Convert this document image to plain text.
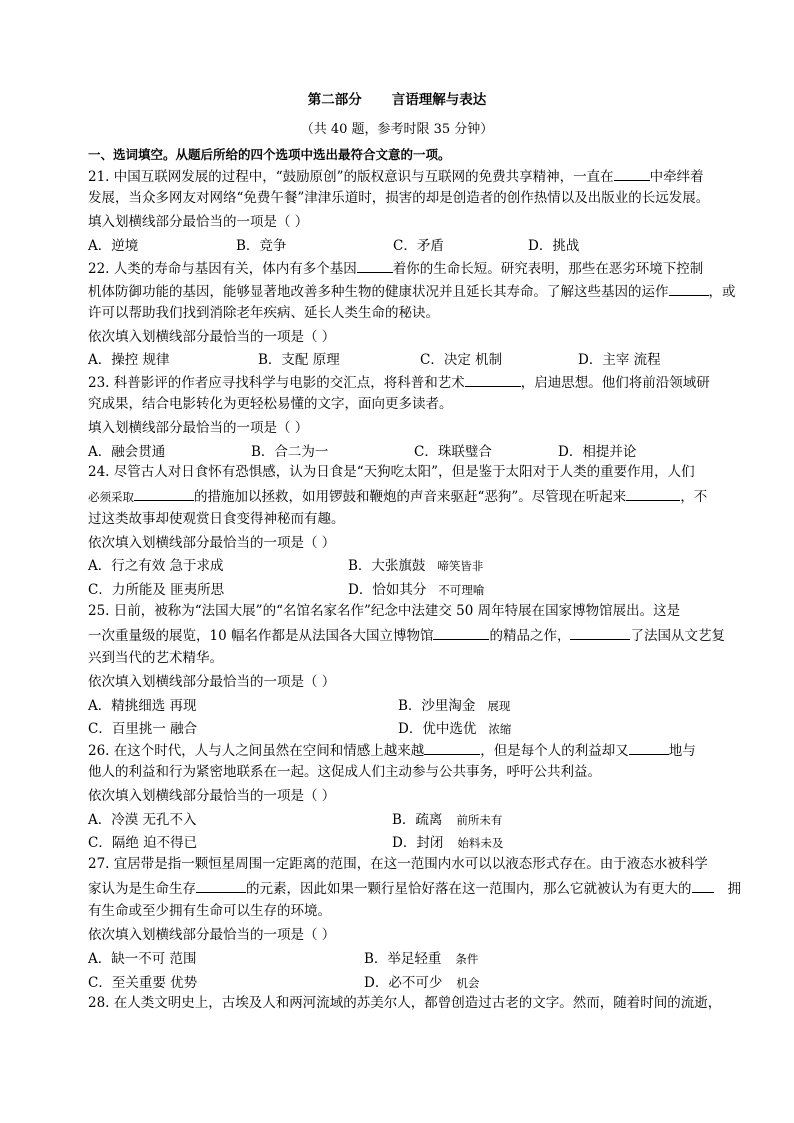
第二部分 言语理解与表达
（共 40 题，参考时限 35 分钟）
一、选词填空。从题后所给的四个选项中选出最符合文意的一项。
21. 中国互联网发展的过程中，“鼓励原创”的版权意识与互联网的免费共享精神，一直在	中牵绊着
发展，当众多网友对网络“免费午餐”津津乐道时，损害的却是创造者的创作热情以及出版业的长远发展。
填入划横线部分最恰当的一项是（ ）
A．逆境	B．竞争	C．矛盾	D．挑战
22. 人类的寿命与基因有关，体内有多个基因	着你的生命长短。研究表明，那些在恶劣环境下控制
机体防御功能的基因，能够显著地改善多种生物的健康状况并且延长其寿命。了解这些基因的运作	，或
许可以帮助我们找到消除老年疾病、延长人类生命的秘诀。
依次填入划横线部分最恰当的一项是（ ）
A．操控 规律	B．支配 原理	C．决定 机制	D．主宰 流程
23. 科普影评的作者应寻找科学与电影的交汇点，将科普和艺术	，启迪思想。他们将前沿领域研
究成果，结合电影转化为更轻松易懂的文字，面向更多读者。
填入划横线部分最恰当的一项是（ ）
A．融会贯通	B．合二为一	C．珠联璧合	D．相提并论
24. 尽管古人对日食怀有恐惧感，认为日食是“天狗吃太阳”，但是鉴于太阳对于人类的重要作用，人们
必须采取	的措施加以拯救，如用锣鼓和鞭炮的声音来驱赶“恶狗”。尽管现在听起来	，不
过这类故事却使观赏日食变得神秘而有趣。
依次填入划横线部分最恰当的一项是（ ）
A．行之有效 急于求成	B．大张旗鼓 啼笑皆非
C．力所能及 匪夷所思	D．恰如其分 不可理喻
25. 日前，被称为“法国大展”的“名馆名家名作”纪念中法建交 50 周年特展在国家博物馆展出。这是
一次重量级的展览，10 幅名作都是从法国各大国立博物馆	的精品之作，	了法国从文艺复
兴到当代的艺术精华。
依次填入划横线部分最恰当的一项是（ ）
A．精挑细选 再现	B．沙里淘金 展现
C．百里挑一 融合	D．优中选优 浓缩
26. 在这个时代，人与人之间虽然在空间和情感上越来越	，但是每个人的利益却又	地与
他人的利益和行为紧密地联系在一起。这促成人们主动参与公共事务，呼吁公共利益。
依次填入划横线部分最恰当的一项是（ ）
A．冷漠 无孔不入	B．疏离 前所未有
C．隔绝 迫不得已	D．封闭 始料未及
27. 宜居带是指一颗恒星周围一定距离的范围，在这一范围内水可以以液态形式存在。由于液态水被科学
家认为是生命生存	的元素，因此如果一颗行星恰好落在这一范围内，那么它就被认为有更大的	拥
有生命或至少拥有生命可以生存的环境。
依次填入划横线部分最恰当的一项是（ ）
A．缺一不可 范围	B．举足轻重 条件
C．至关重要 优势	D．必不可少 机会
28. 在人类文明史上，古埃及人和两河流域的苏美尔人，都曾创造过古老的文字。然而，随着时间的流逝，
